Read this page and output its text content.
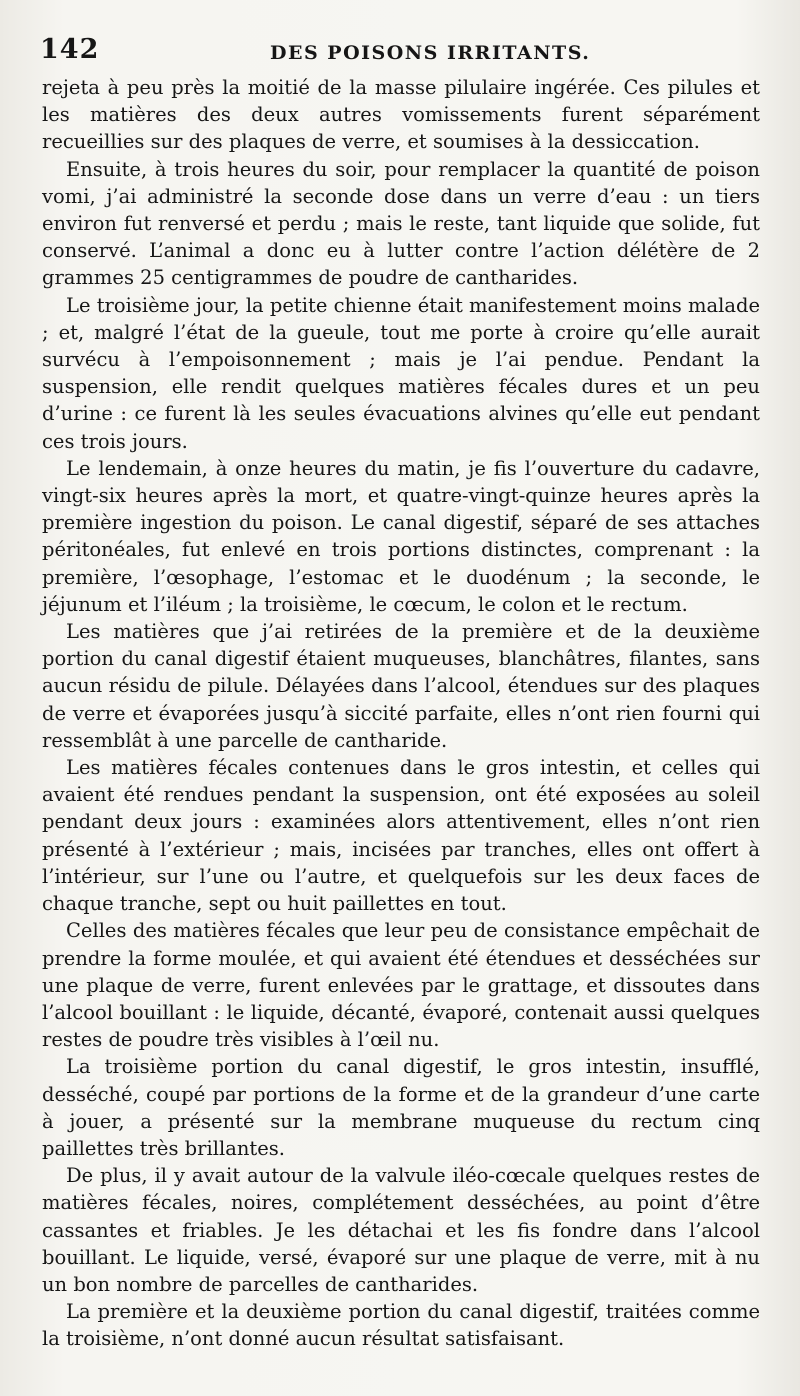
142	DES POISONS IRRITANTS.

rejeta à peu près la moitié de la masse pilulaire ingérée. Ces pilules et les matières des deux autres vomissements furent séparément recueillies sur des plaques de verre, et soumises à la dessiccation.

Ensuite, à trois heures du soir, pour remplacer la quantité de poison vomi, j’ai administré la seconde dose dans un verre d’eau : un tiers environ fut renversé et perdu ; mais le reste, tant liquide que solide, fut conservé. L’animal a donc eu à lutter contre l’action délétère de 2 grammes 25 centigrammes de poudre de cantharides.

Le troisième jour, la petite chienne était manifestement moins malade ; et, malgré l’état de la gueule, tout me porte à croire qu’elle aurait survécu à l’empoisonnement ; mais je l’ai pendue. Pendant la suspension, elle rendit quelques matières fécales dures et un peu d’urine : ce furent là les seules évacuations alvines qu’elle eut pendant ces trois jours.

Le lendemain, à onze heures du matin, je fis l’ouverture du cadavre, vingt-six heures après la mort, et quatre-vingt-quinze heures après la première ingestion du poison. Le canal digestif, séparé de ses attaches péritonéales, fut enlevé en trois portions distinctes, comprenant : la première, l’œsophage, l’estomac et le duodénum ; la seconde, le jéjunum et l’iléum ; la troisième, le cœcum, le colon et le rectum.

Les matières que j’ai retirées de la première et de la deuxième portion du canal digestif étaient muqueuses, blanchâtres, filantes, sans aucun résidu de pilule. Délayées dans l’alcool, étendues sur des plaques de verre et évaporées jusqu’à siccité parfaite, elles n’ont rien fourni qui ressemblât à une parcelle de cantharide.

Les matières fécales contenues dans le gros intestin, et celles qui avaient été rendues pendant la suspension, ont été exposées au soleil pendant deux jours : examinées alors attentivement, elles n’ont rien présenté à l’extérieur ; mais, incisées par tranches, elles ont offert à l’intérieur, sur l’une ou l’autre, et quelquefois sur les deux faces de chaque tranche, sept ou huit paillettes en tout.

Celles des matières fécales que leur peu de consistance empêchait de prendre la forme moulée, et qui avaient été étendues et desséchées sur une plaque de verre, furent enlevées par le grattage, et dissoutes dans l’alcool bouillant : le liquide, décanté, évaporé, contenait aussi quelques restes de poudre très visibles à l’œil nu.

La troisième portion du canal digestif, le gros intestin, insufflé, desséché, coupé par portions de la forme et de la grandeur d’une carte à jouer, a présenté sur la membrane muqueuse du rectum cinq paillettes très brillantes.

De plus, il y avait autour de la valvule iléo-cœcale quelques restes de matières fécales, noires, complétement desséchées, au point d’être cassantes et friables. Je les détachai et les fis fondre dans l’alcool bouillant. Le liquide, versé, évaporé sur une plaque de verre, mit à nu un bon nombre de parcelles de cantharides.

La première et la deuxième portion du canal digestif, traitées comme la troisième, n’ont donné aucun résultat satisfaisant.
